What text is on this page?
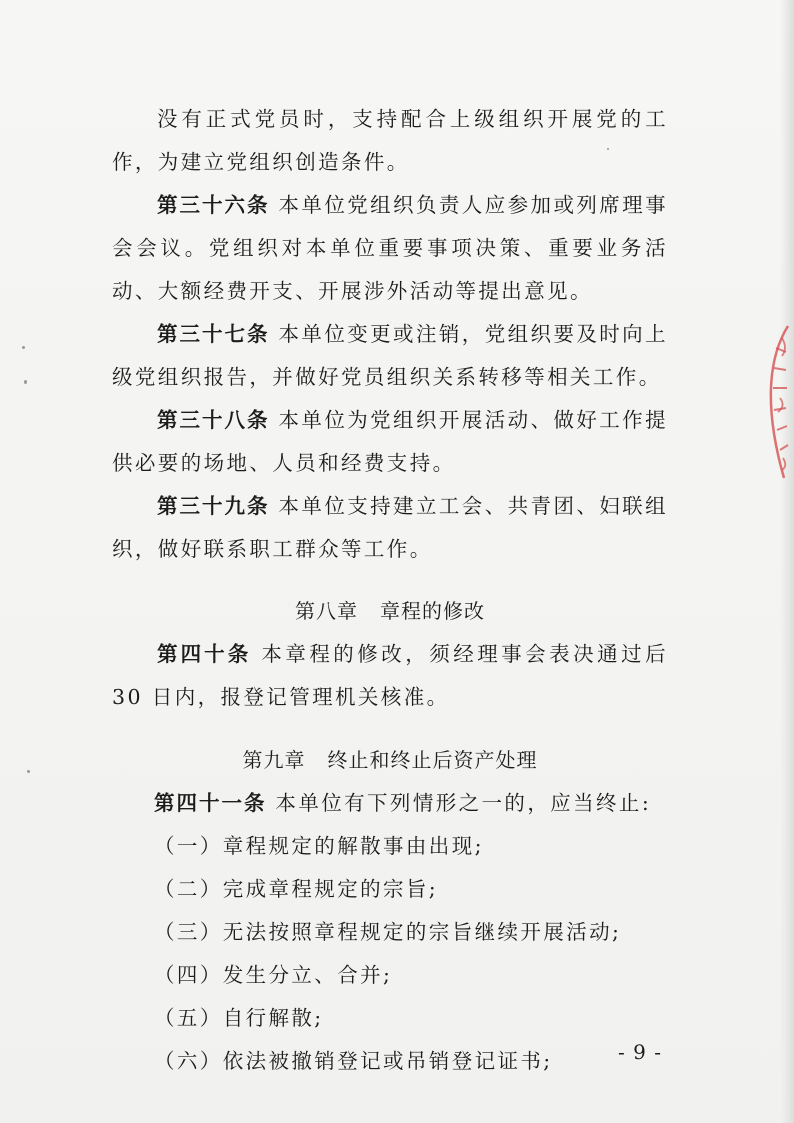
没有正式党员时，支持配合上级组织开展党的工作，为建立党组织创造条件。

第三十六条 本单位党组织负责人应参加或列席理事会会议。党组织对本单位重要事项决策、重要业务活动、大额经费开支、开展涉外活动等提出意见。

第三十七条 本单位变更或注销，党组织要及时向上级党组织报告，并做好党员组织关系转移等相关工作。

第三十八条 本单位为党组织开展活动、做好工作提供必要的场地、人员和经费支持。

第三十九条 本单位支持建立工会、共青团、妇联组织，做好联系职工群众等工作。

第八章 章程的修改

第四十条 本章程的修改，须经理事会表决通过后 30 日内，报登记管理机关核准。

第九章 终止和终止后资产处理

第四十一条 本单位有下列情形之一的，应当终止:

（一）章程规定的解散事由出现;

（二）完成章程规定的宗旨;

（三）无法按照章程规定的宗旨继续开展活动;

（四）发生分立、合并;

（五）自行解散;

（六）依法被撤销登记或吊销登记证书;	- 9 -
